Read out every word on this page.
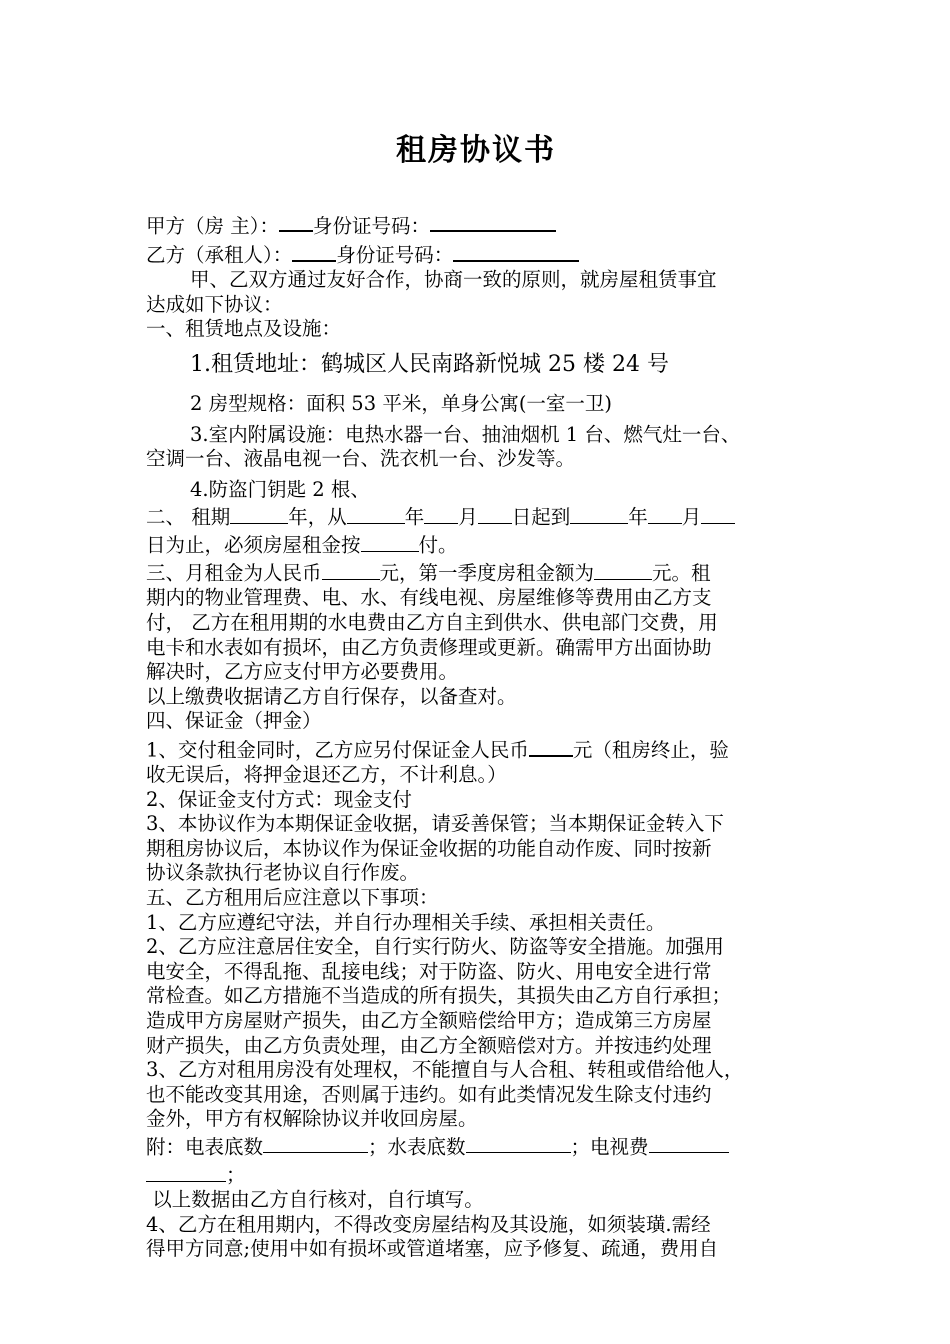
租房协议书

甲方（房 主）： 身份证号码：

乙方（承租人）： 身份证号码：

甲、乙双方通过友好合作，协商一致的原则，就房屋租赁事宜

达成如下协议：

一、租赁地点及设施：

1.租赁地址：鹤城区人民南路新悦城 25 楼 24 号

2 房型规格：面积 53 平米，单身公寓(一室一卫)

3.室内附属设施：电热水器一台、抽油烟机 1 台、燃气灶一台、

空调一台、液晶电视一台、洗衣机一台、沙发等。

4.防盗门钥匙 2 根、

二、 租期	年，从	年 月 日起到	年 月

日为止，必须房屋租金按	付。

三、月租金为人民币	元，第一季度房租金额为	元。租

期内的物业管理费、电、水、有线电视、房屋维修等费用由乙方支

付， 乙方在租用期的水电费由乙方自主到供水、供电部门交费，用

电卡和水表如有损坏，由乙方负责修理或更新。确需甲方出面协助

解决时，乙方应支付甲方必要费用。

以上缴费收据请乙方自行保存，以备查对。

四、保证金（押金）

1、交付租金同时，乙方应另付保证金人民币 元（租房终止，验

收无误后，将押金退还乙方，不计利息。）

2、保证金支付方式：现金支付

3、本协议作为本期保证金收据，请妥善保管；当本期保证金转入下

期租房协议后，本协议作为保证金收据的功能自动作废、同时按新

协议条款执行老协议自行作废。

五、乙方租用后应注意以下事项：

1、乙方应遵纪守法，并自行办理相关手续、承担相关责任。

2、乙方应注意居住安全，自行实行防火、防盗等安全措施。加强用

电安全，不得乱拖、乱接电线；对于防盗、防火、用电安全进行常

常检查。如乙方措施不当造成的所有损失，其损失由乙方自行承担；

造成甲方房屋财产损失，由乙方全额赔偿给甲方；造成第三方房屋

财产损失，由乙方负责处理，由乙方全额赔偿对方。并按违约处理

3、乙方对租用房没有处理权，不能擅自与人合租、转租或借给他人，

也不能改变其用途，否则属于违约。如有此类情况发生除支付违约

金外，甲方有权解除协议并收回房屋。

附：电表底数	；水表底数	；电视费

；

以上数据由乙方自行核对，自行填写。

4、乙方在租用期内，不得改变房屋结构及其设施，如须装璜.需经

得甲方同意;使用中如有损坏或管道堵塞，应予修复、疏通，费用自
